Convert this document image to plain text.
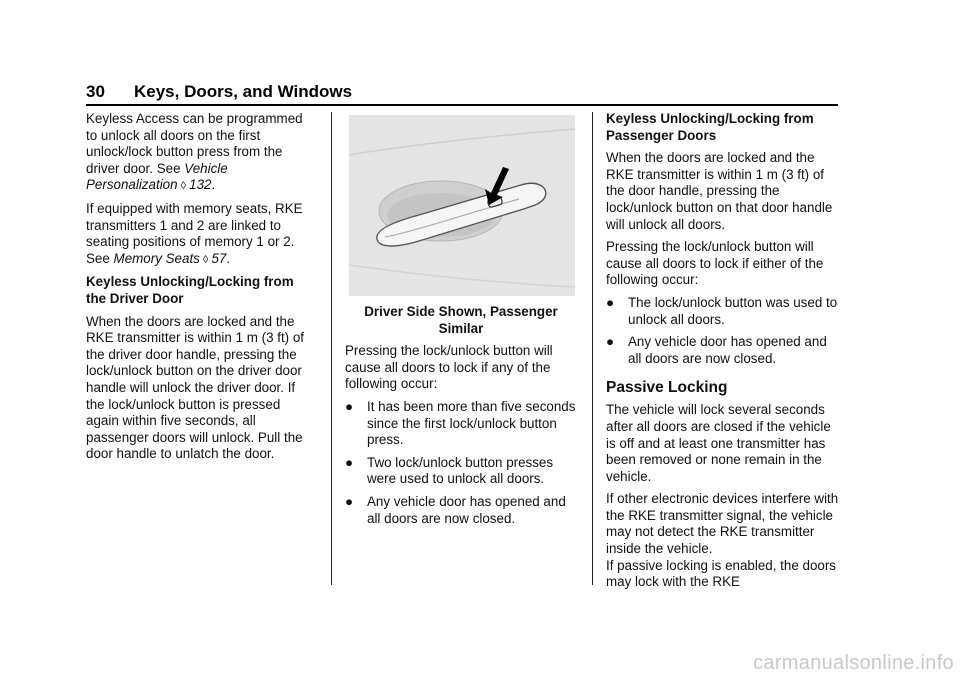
30 Keys, Doors, and Windows

Keyless Access can be programmed to unlock all doors on the first unlock/lock button press from the driver door. See Vehicle Personalization ◊ 132.

If equipped with memory seats, RKE transmitters 1 and 2 are linked to seating positions of memory 1 or 2. See Memory Seats ◊ 57.

Keyless Unlocking/Locking from the Driver Door

When the doors are locked and the RKE transmitter is within 1 m (3 ft) of the driver door handle, pressing the lock/unlock button on the driver door handle will unlock the driver door. If the lock/unlock button is pressed again within five seconds, all passenger doors will unlock. Pull the door handle to unlatch the door.

Driver Side Shown, Passenger Similar

Pressing the lock/unlock button will cause all doors to lock if any of the following occur:

● It has been more than five seconds since the first lock/unlock button press.
● Two lock/unlock button presses were used to unlock all doors.
● Any vehicle door has opened and all doors are now closed.

Keyless Unlocking/Locking from Passenger Doors

When the doors are locked and the RKE transmitter is within 1 m (3 ft) of the door handle, pressing the lock/unlock button on that door handle will unlock all doors.

Pressing the lock/unlock button will cause all doors to lock if either of the following occur:

● The lock/unlock button was used to unlock all doors.
● Any vehicle door has opened and all doors are now closed.
Passive Locking

The vehicle will lock several seconds after all doors are closed if the vehicle is off and at least one transmitter has been removed or none remain in the vehicle.

If other electronic devices interfere with the RKE transmitter signal, the vehicle may not detect the RKE transmitter inside the vehicle.

If passive locking is enabled, the doors may lock with the RKE

carmanualsonline.info
